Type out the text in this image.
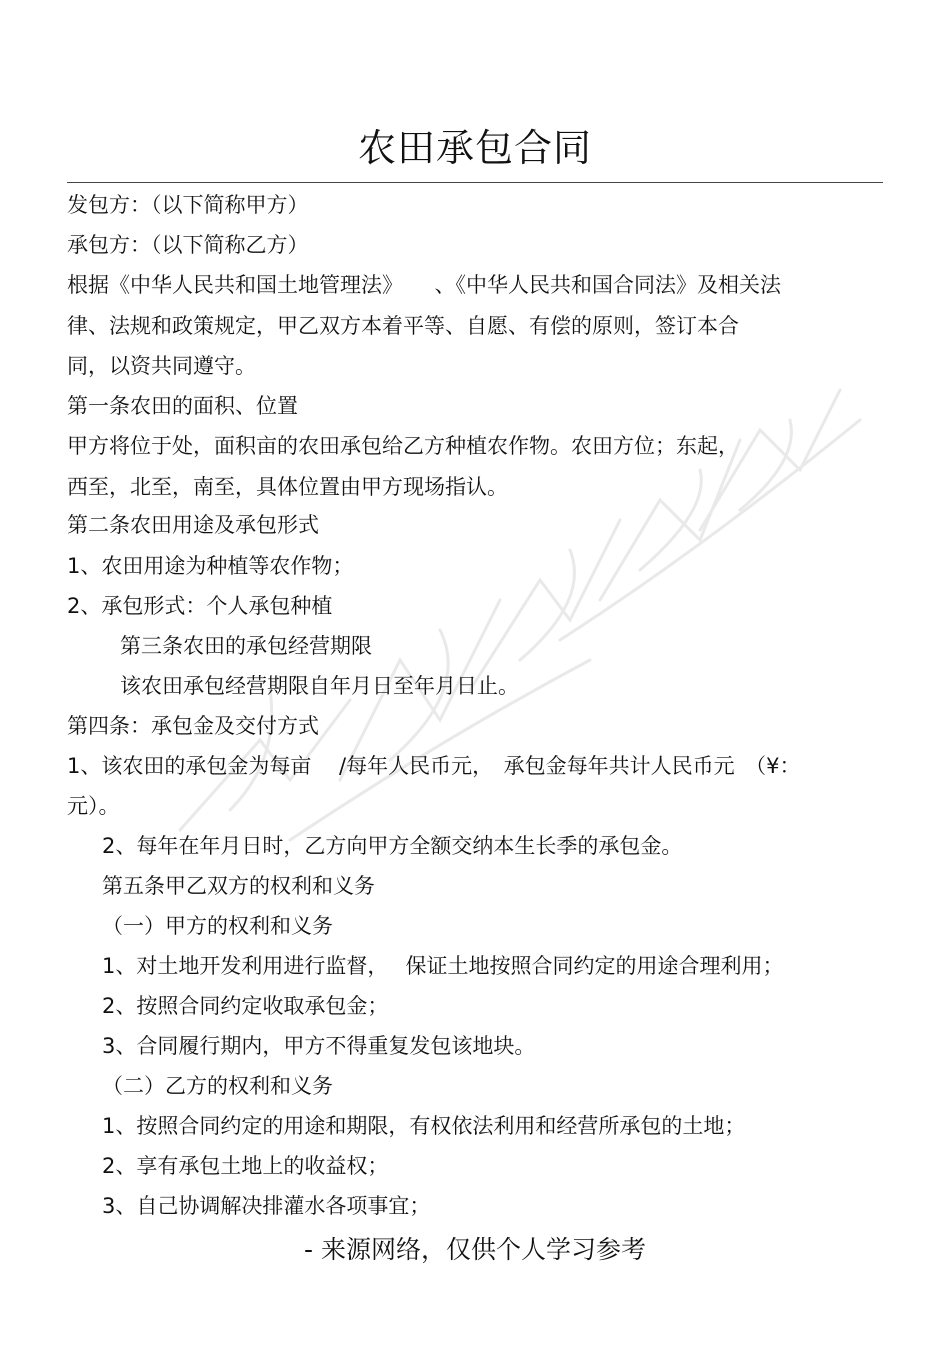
农田承包合同
发包方：（以下简称甲方）
承包方：（以下简称乙方）
根据《中华人民共和国土地管理法》　　、《中华人民共和国合同法》及相关法
律、法规和政策规定，甲乙双方本着平等、自愿、有偿的原则，签订本合
同，以资共同遵守。
第一条农田的面积、位置
甲方将位于处，面积亩的农田承包给乙方种植农作物。农田方位；东起，
西至，北至，南至，具体位置由甲方现场指认。
第二条农田用途及承包形式
1、农田用途为种植等农作物；
2、承包形式：个人承包种植
第三条农田的承包经营期限
该农田承包经营期限自年月日至年月日止。
第四条：承包金及交付方式
1、该农田的承包金为每亩　 /每年人民币元，　承包金每年共计人民币元　（¥：
元）。
2、每年在年月日时，乙方向甲方全额交纳本生长季的承包金。
第五条甲乙双方的权利和义务
（一）甲方的权利和义务
1、对土地开发利用进行监督，　 保证土地按照合同约定的用途合理利用；
2、按照合同约定收取承包金；
3、合同履行期内，甲方不得重复发包该地块。
（二）乙方的权利和义务
1、按照合同约定的用途和期限，有权依法利用和经营所承包的土地；
2、享有承包土地上的收益权；
3、自己协调解决排灌水各项事宜；
- 来源网络，仅供个人学习参考
